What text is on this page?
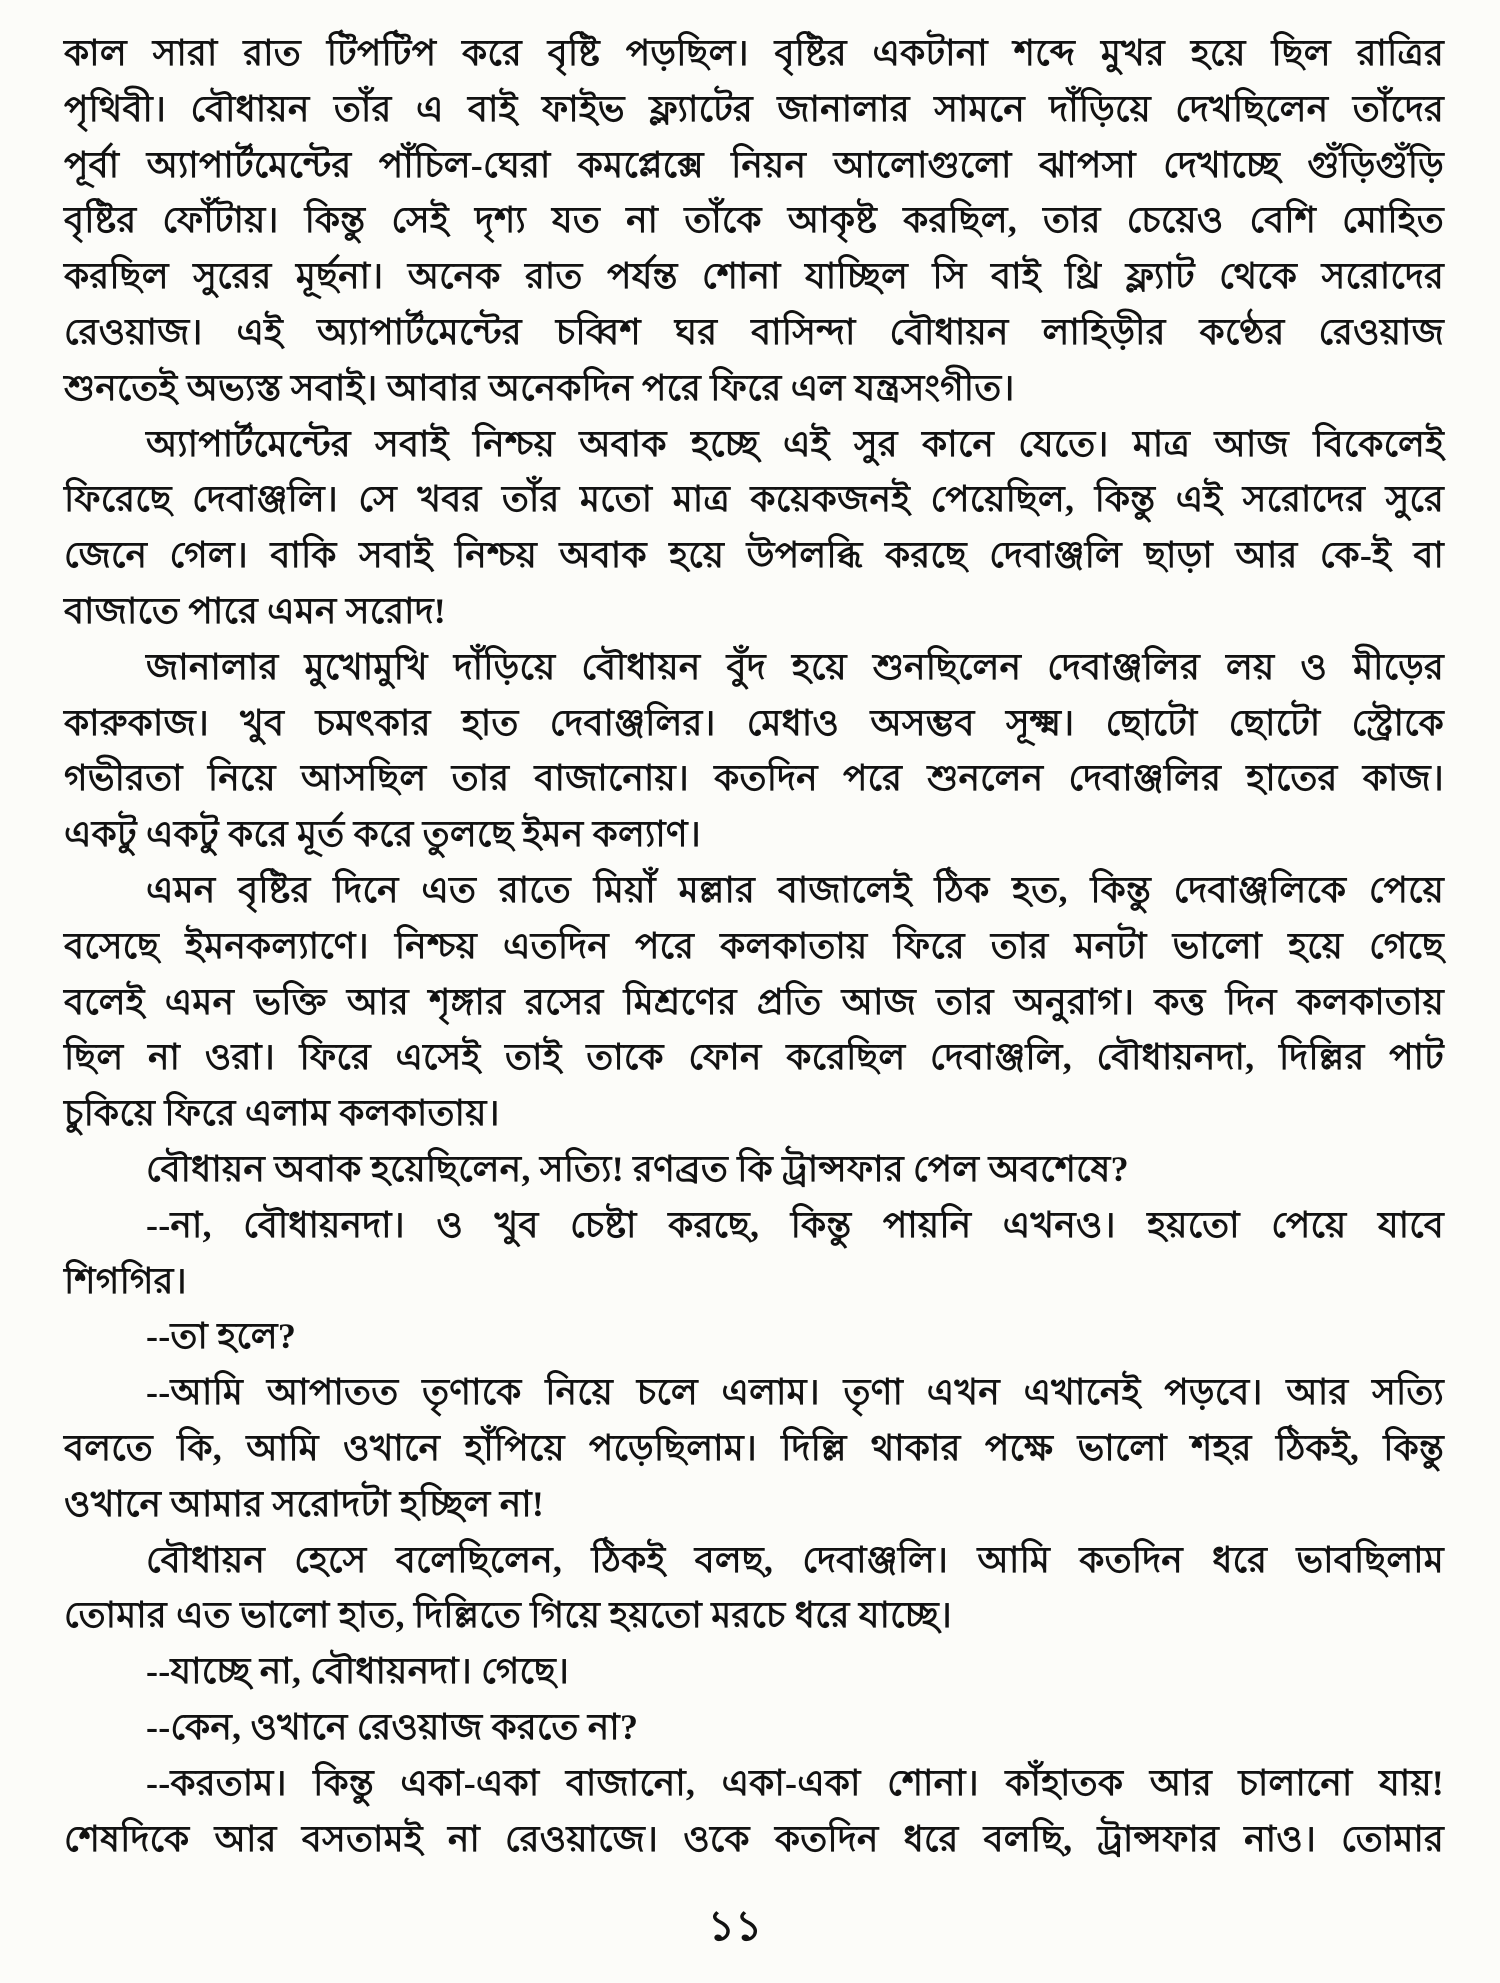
কাল সারা রাত টিপটিপ করে বৃষ্টি পড়ছিল। বৃষ্টির একটানা শব্দে মুখর হয়ে ছিল রাত্রির
পৃথিবী। বৌধায়ন তাঁর এ বাই ফাইভ ফ্ল্যাটের জানালার সামনে দাঁড়িয়ে দেখছিলেন তাঁদের
পূর্বা অ্যাপার্টমেন্টের পাঁচিল-ঘেরা কমপ্লেক্সে নিয়ন আলোগুলো ঝাপসা দেখাচ্ছে গুঁড়িগুঁড়ি
বৃষ্টির ফোঁটায়। কিন্তু সেই দৃশ্য যত না তাঁকে আকৃষ্ট করছিল, তার চেয়েও বেশি মোহিত
করছিল সুরের মূর্ছনা। অনেক রাত পর্যন্ত শোনা যাচ্ছিল সি বাই থ্রি ফ্ল্যাট থেকে সরোদের
রেওয়াজ। এই অ্যাপার্টমেন্টের চব্বিশ ঘর বাসিন্দা বৌধায়ন লাহিড়ীর কণ্ঠের রেওয়াজ
শুনতেই অভ্যস্ত সবাই। আবার অনেকদিন পরে ফিরে এল যন্ত্রসংগীত।
অ্যাপার্টমেন্টের সবাই নিশ্চয় অবাক হচ্ছে এই সুর কানে যেতে। মাত্র আজ বিকেলেই
ফিরেছে দেবাঞ্জলি। সে খবর তাঁর মতো মাত্র কয়েকজনই পেয়েছিল, কিন্তু এই সরোদের সুরে
জেনে গেল। বাকি সবাই নিশ্চয় অবাক হয়ে উপলব্ধি করছে দেবাঞ্জলি ছাড়া আর কে-ই বা
বাজাতে পারে এমন সরোদ!
জানালার মুখোমুখি দাঁড়িয়ে বৌধায়ন বুঁদ হয়ে শুনছিলেন দেবাঞ্জলির লয় ও মীড়ের
কারুকাজ। খুব চমৎকার হাত দেবাঞ্জলির। মেধাও অসম্ভব সূক্ষ্ম। ছোটো ছোটো স্ট্রোকে
গভীরতা নিয়ে আসছিল তার বাজানোয়। কতদিন পরে শুনলেন দেবাঞ্জলির হাতের কাজ।
একটু একটু করে মূর্ত করে তুলছে ইমন কল্যাণ।
এমন বৃষ্টির দিনে এত রাতে মিয়াঁ মল্লার বাজালেই ঠিক হত, কিন্তু দেবাঞ্জলিকে পেয়ে
বসেছে ইমনকল্যাণে। নিশ্চয় এতদিন পরে কলকাতায় ফিরে তার মনটা ভালো হয়ে গেছে
বলেই এমন ভক্তি আর শৃঙ্গার রসের মিশ্রণের প্রতি আজ তার অনুরাগ। কত্ত দিন কলকাতায়
ছিল না ওরা। ফিরে এসেই তাই তাকে ফোন করেছিল দেবাঞ্জলি, বৌধায়নদা, দিল্লির পাট
চুকিয়ে ফিরে এলাম কলকাতায়।
বৌধায়ন অবাক হয়েছিলেন, সত্যি! রণব্রত কি ট্রান্সফার পেল অবশেষে?
--না, বৌধায়নদা। ও খুব চেষ্টা করছে, কিন্তু পায়নি এখনও। হয়তো পেয়ে যাবে
শিগগির।
--তা হলে?
--আমি আপাতত তৃণাকে নিয়ে চলে এলাম। তৃণা এখন এখানেই পড়বে। আর সত্যি
বলতে কি, আমি ওখানে হাঁপিয়ে পড়েছিলাম। দিল্লি থাকার পক্ষে ভালো শহর ঠিকই, কিন্তু
ওখানে আমার সরোদটা হচ্ছিল না!
বৌধায়ন হেসে বলেছিলেন, ঠিকই বলছ, দেবাঞ্জলি। আমি কতদিন ধরে ভাবছিলাম
তোমার এত ভালো হাত, দিল্লিতে গিয়ে হয়তো মরচে ধরে যাচ্ছে।
--যাচ্ছে না, বৌধায়নদা। গেছে।
--কেন, ওখানে রেওয়াজ করতে না?
--করতাম। কিন্তু একা-একা বাজানো, একা-একা শোনা। কাঁহাতক আর চালানো যায়!
শেষদিকে আর বসতামই না রেওয়াজে। ওকে কতদিন ধরে বলছি, ট্রান্সফার নাও। তোমার
১১
